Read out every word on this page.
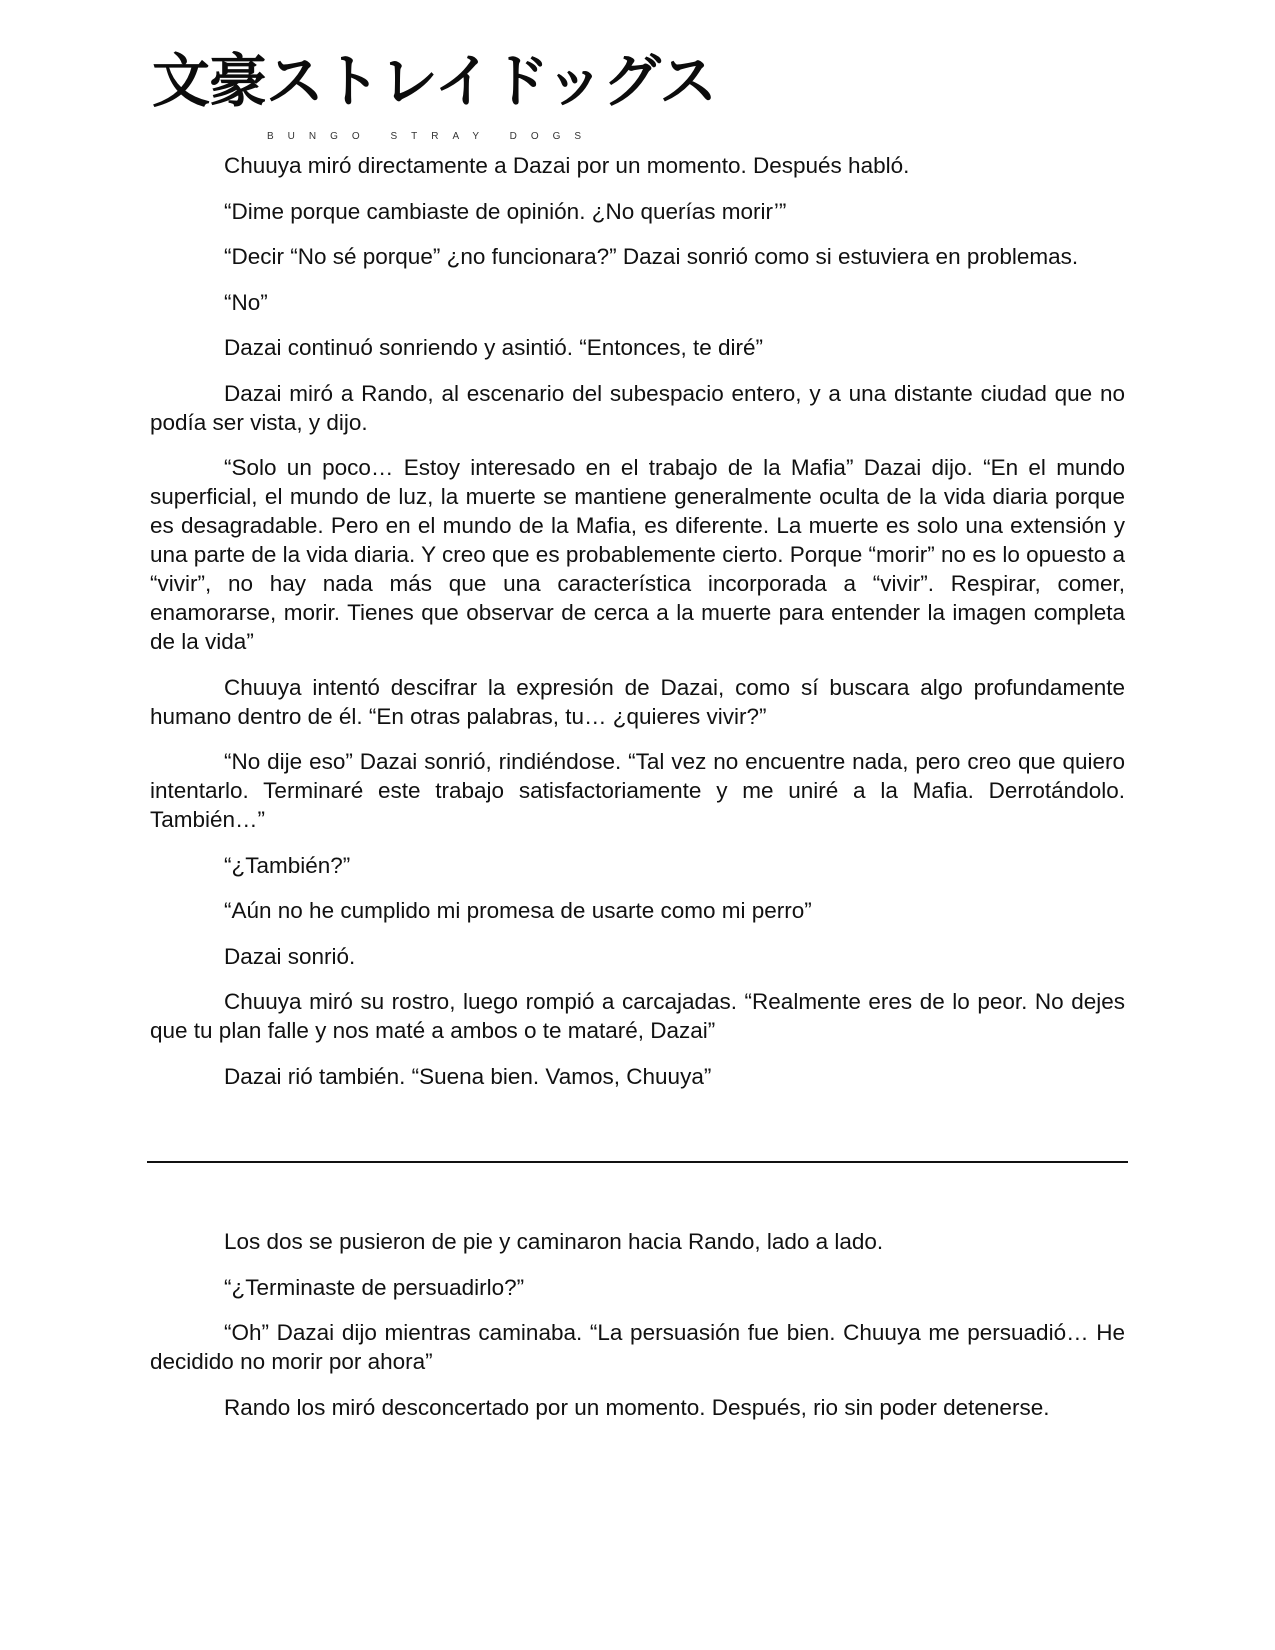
文豪ストレイドッグス
BUNGO STRAY DOGS

Chuuya miró directamente a Dazai por un momento. Después habló.

“Dime porque cambiaste de opinión. ¿No querías morir’”

“Decir “No sé porque” ¿no funcionara?” Dazai sonrió como si estuviera en problemas.

“No”

Dazai continuó sonriendo y asintió. “Entonces, te diré”

Dazai miró a Rando, al escenario del subespacio entero, y a una distante ciudad que no podía ser vista, y dijo.

“Solo un poco… Estoy interesado en el trabajo de la Mafia” Dazai dijo. “En el mundo superficial, el mundo de luz, la muerte se mantiene generalmente oculta de la vida diaria porque es desagradable. Pero en el mundo de la Mafia, es diferente. La muerte es solo una extensión y una parte de la vida diaria. Y creo que es probablemente cierto. Porque “morir” no es lo opuesto a “vivir”, no hay nada más que una característica incorporada a “vivir”. Respirar, comer, enamorarse, morir. Tienes que observar de cerca a la muerte para entender la imagen completa de la vida”

Chuuya intentó descifrar la expresión de Dazai, como sí buscara algo profundamente humano dentro de él. “En otras palabras, tu… ¿quieres vivir?”

“No dije eso” Dazai sonrió, rindiéndose. “Tal vez no encuentre nada, pero creo que quiero intentarlo. Terminaré este trabajo satisfactoriamente y me uniré a la Mafia. Derrotándolo. También…”

“¿También?”

“Aún no he cumplido mi promesa de usarte como mi perro”

Dazai sonrió.

Chuuya miró su rostro, luego rompió a carcajadas. “Realmente eres de lo peor. No dejes que tu plan falle y nos maté a ambos o te mataré, Dazai”

Dazai rió también. “Suena bien. Vamos, Chuuya”

Los dos se pusieron de pie y caminaron hacia Rando, lado a lado.

“¿Terminaste de persuadirlo?”

“Oh” Dazai dijo mientras caminaba. “La persuasión fue bien. Chuuya me persuadió… He decidido no morir por ahora”

Rando los miró desconcertado por un momento. Después, rio sin poder detenerse.
